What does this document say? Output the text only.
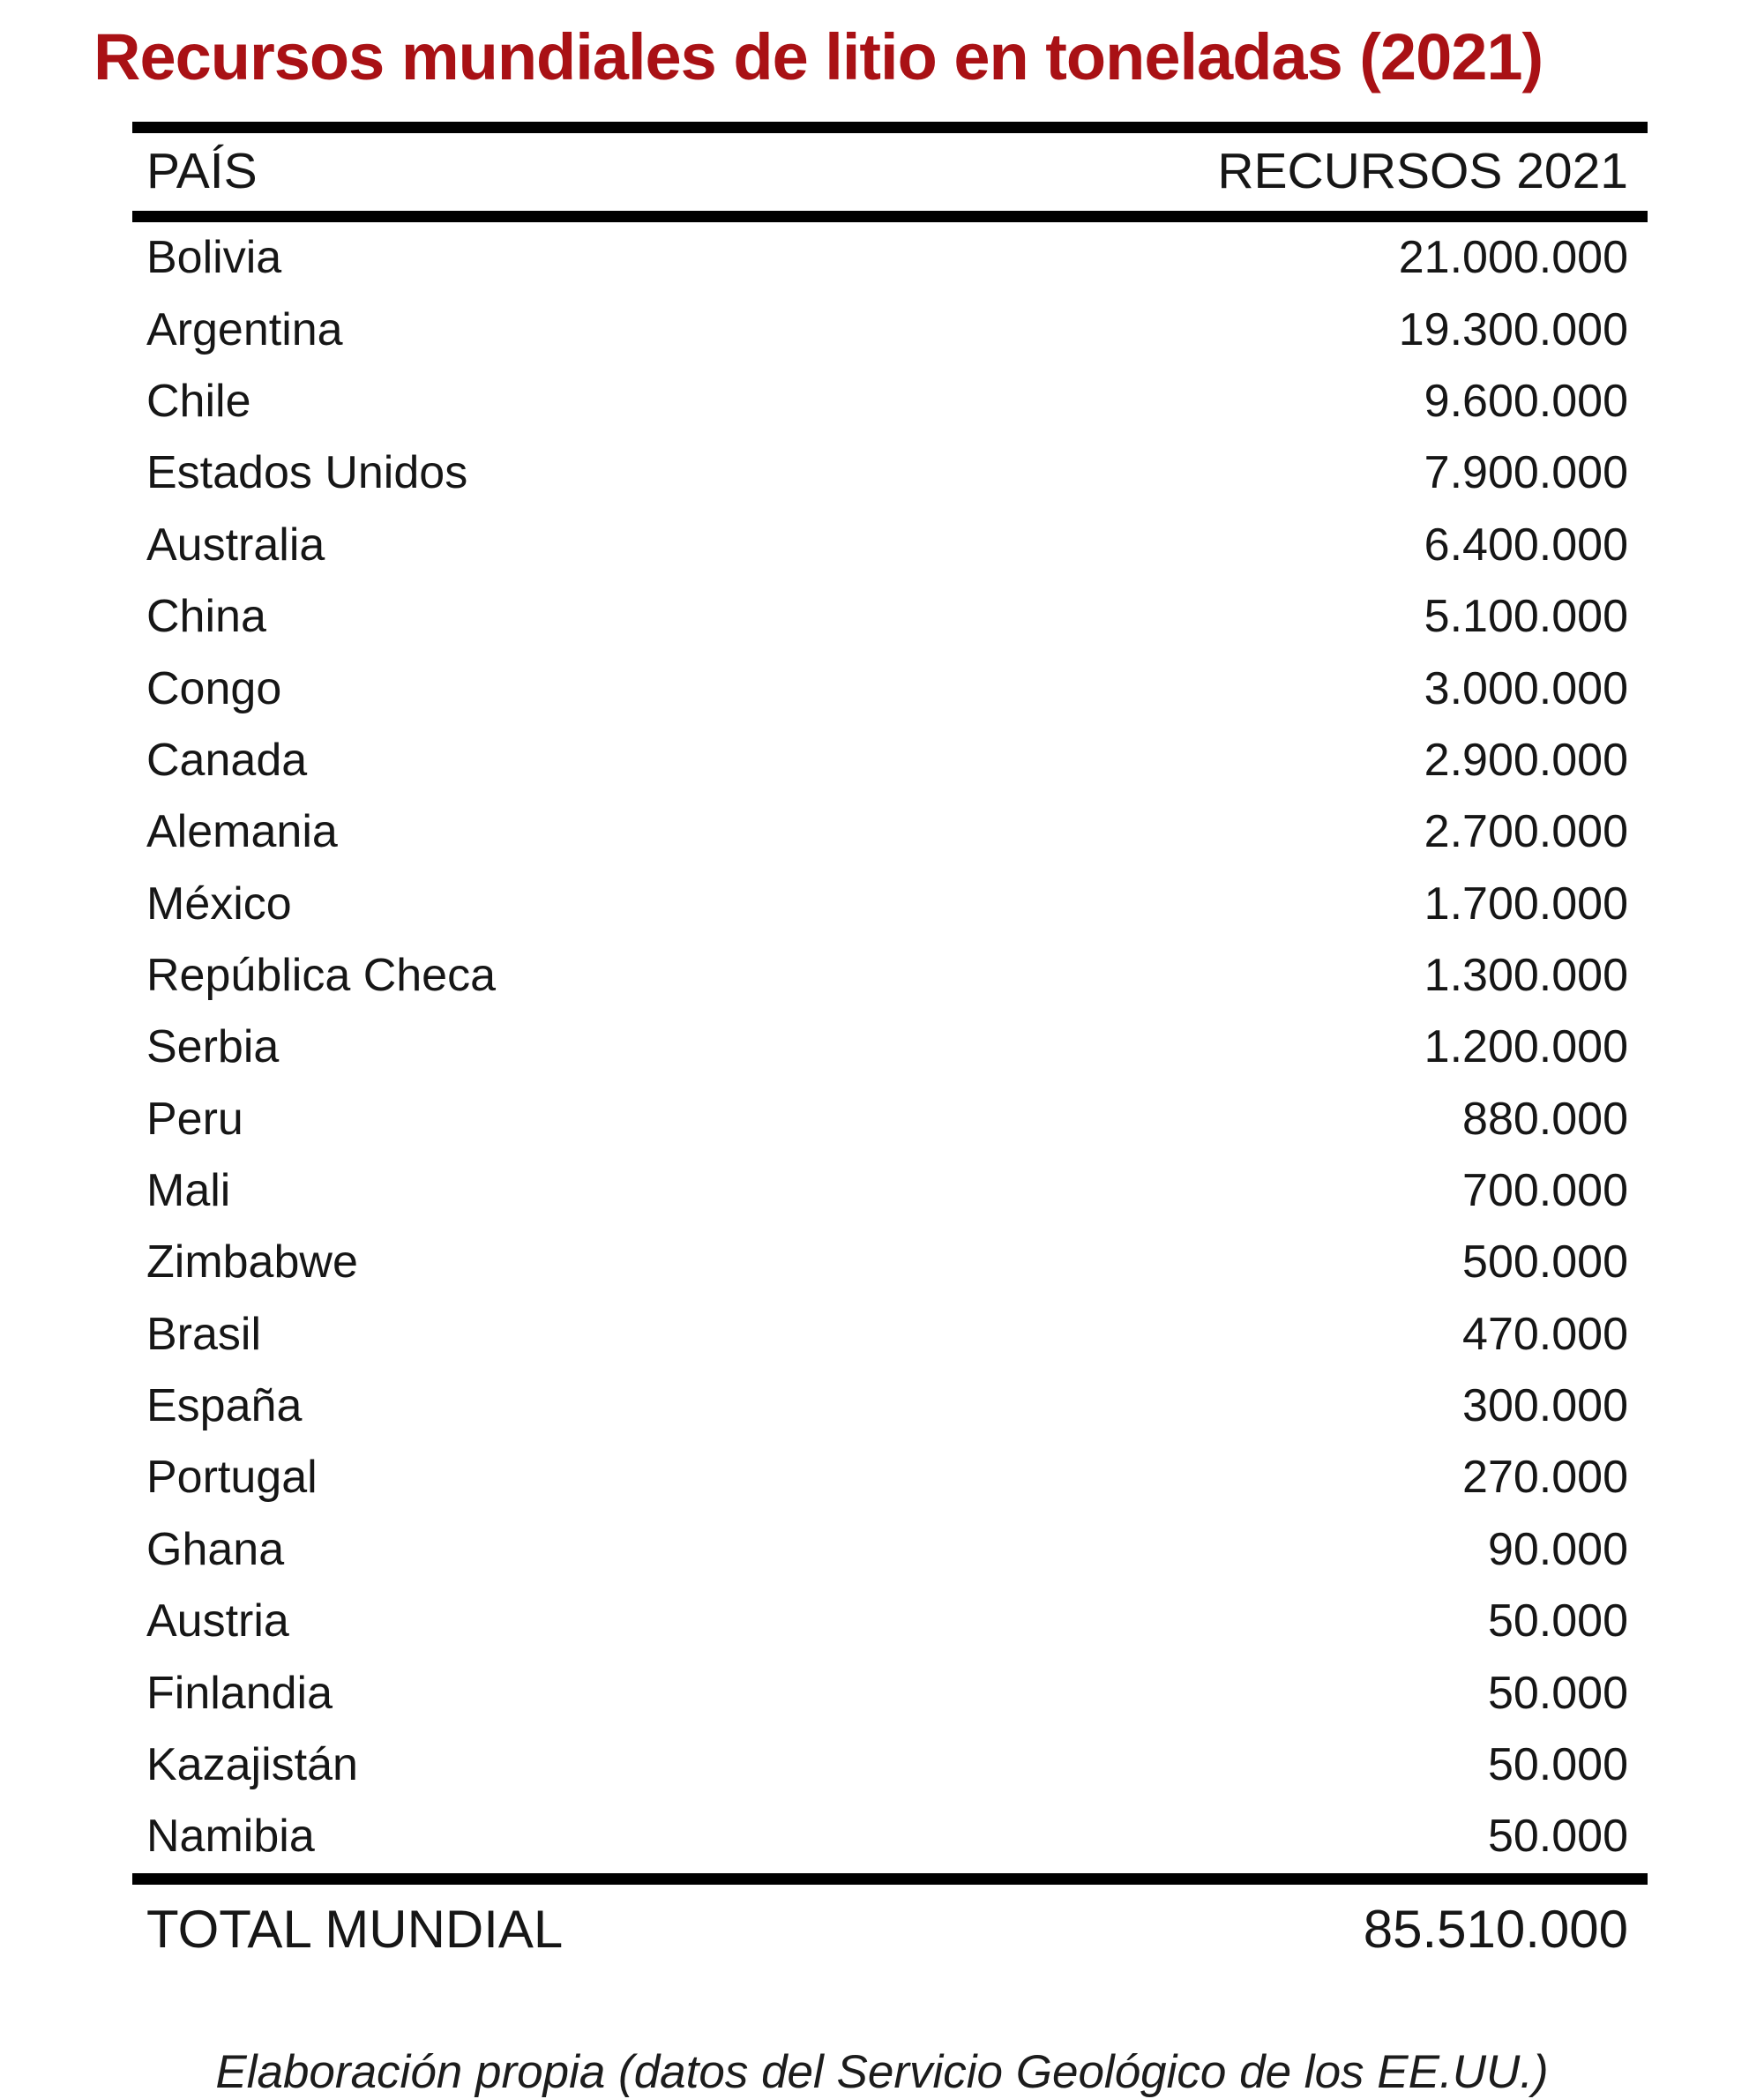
Recursos mundiales de litio en toneladas (2021)
PAÍS	RECURSOS 2021
Bolivia	21.000.000
Argentina	19.300.000
Chile	9.600.000
Estados Unidos	7.900.000
Australia	6.400.000
China	5.100.000
Congo	3.000.000
Canada	2.900.000
Alemania	2.700.000
México	1.700.000
República Checa	1.300.000
Serbia	1.200.000
Peru	880.000
Mali	700.000
Zimbabwe	500.000
Brasil	470.000
España	300.000
Portugal	270.000
Ghana	90.000
Austria	50.000
Finlandia	50.000
Kazajistán	50.000
Namibia	50.000
TOTAL MUNDIAL	85.510.000

Elaboración propia (datos del Servicio Geológico de los EE.UU.)
